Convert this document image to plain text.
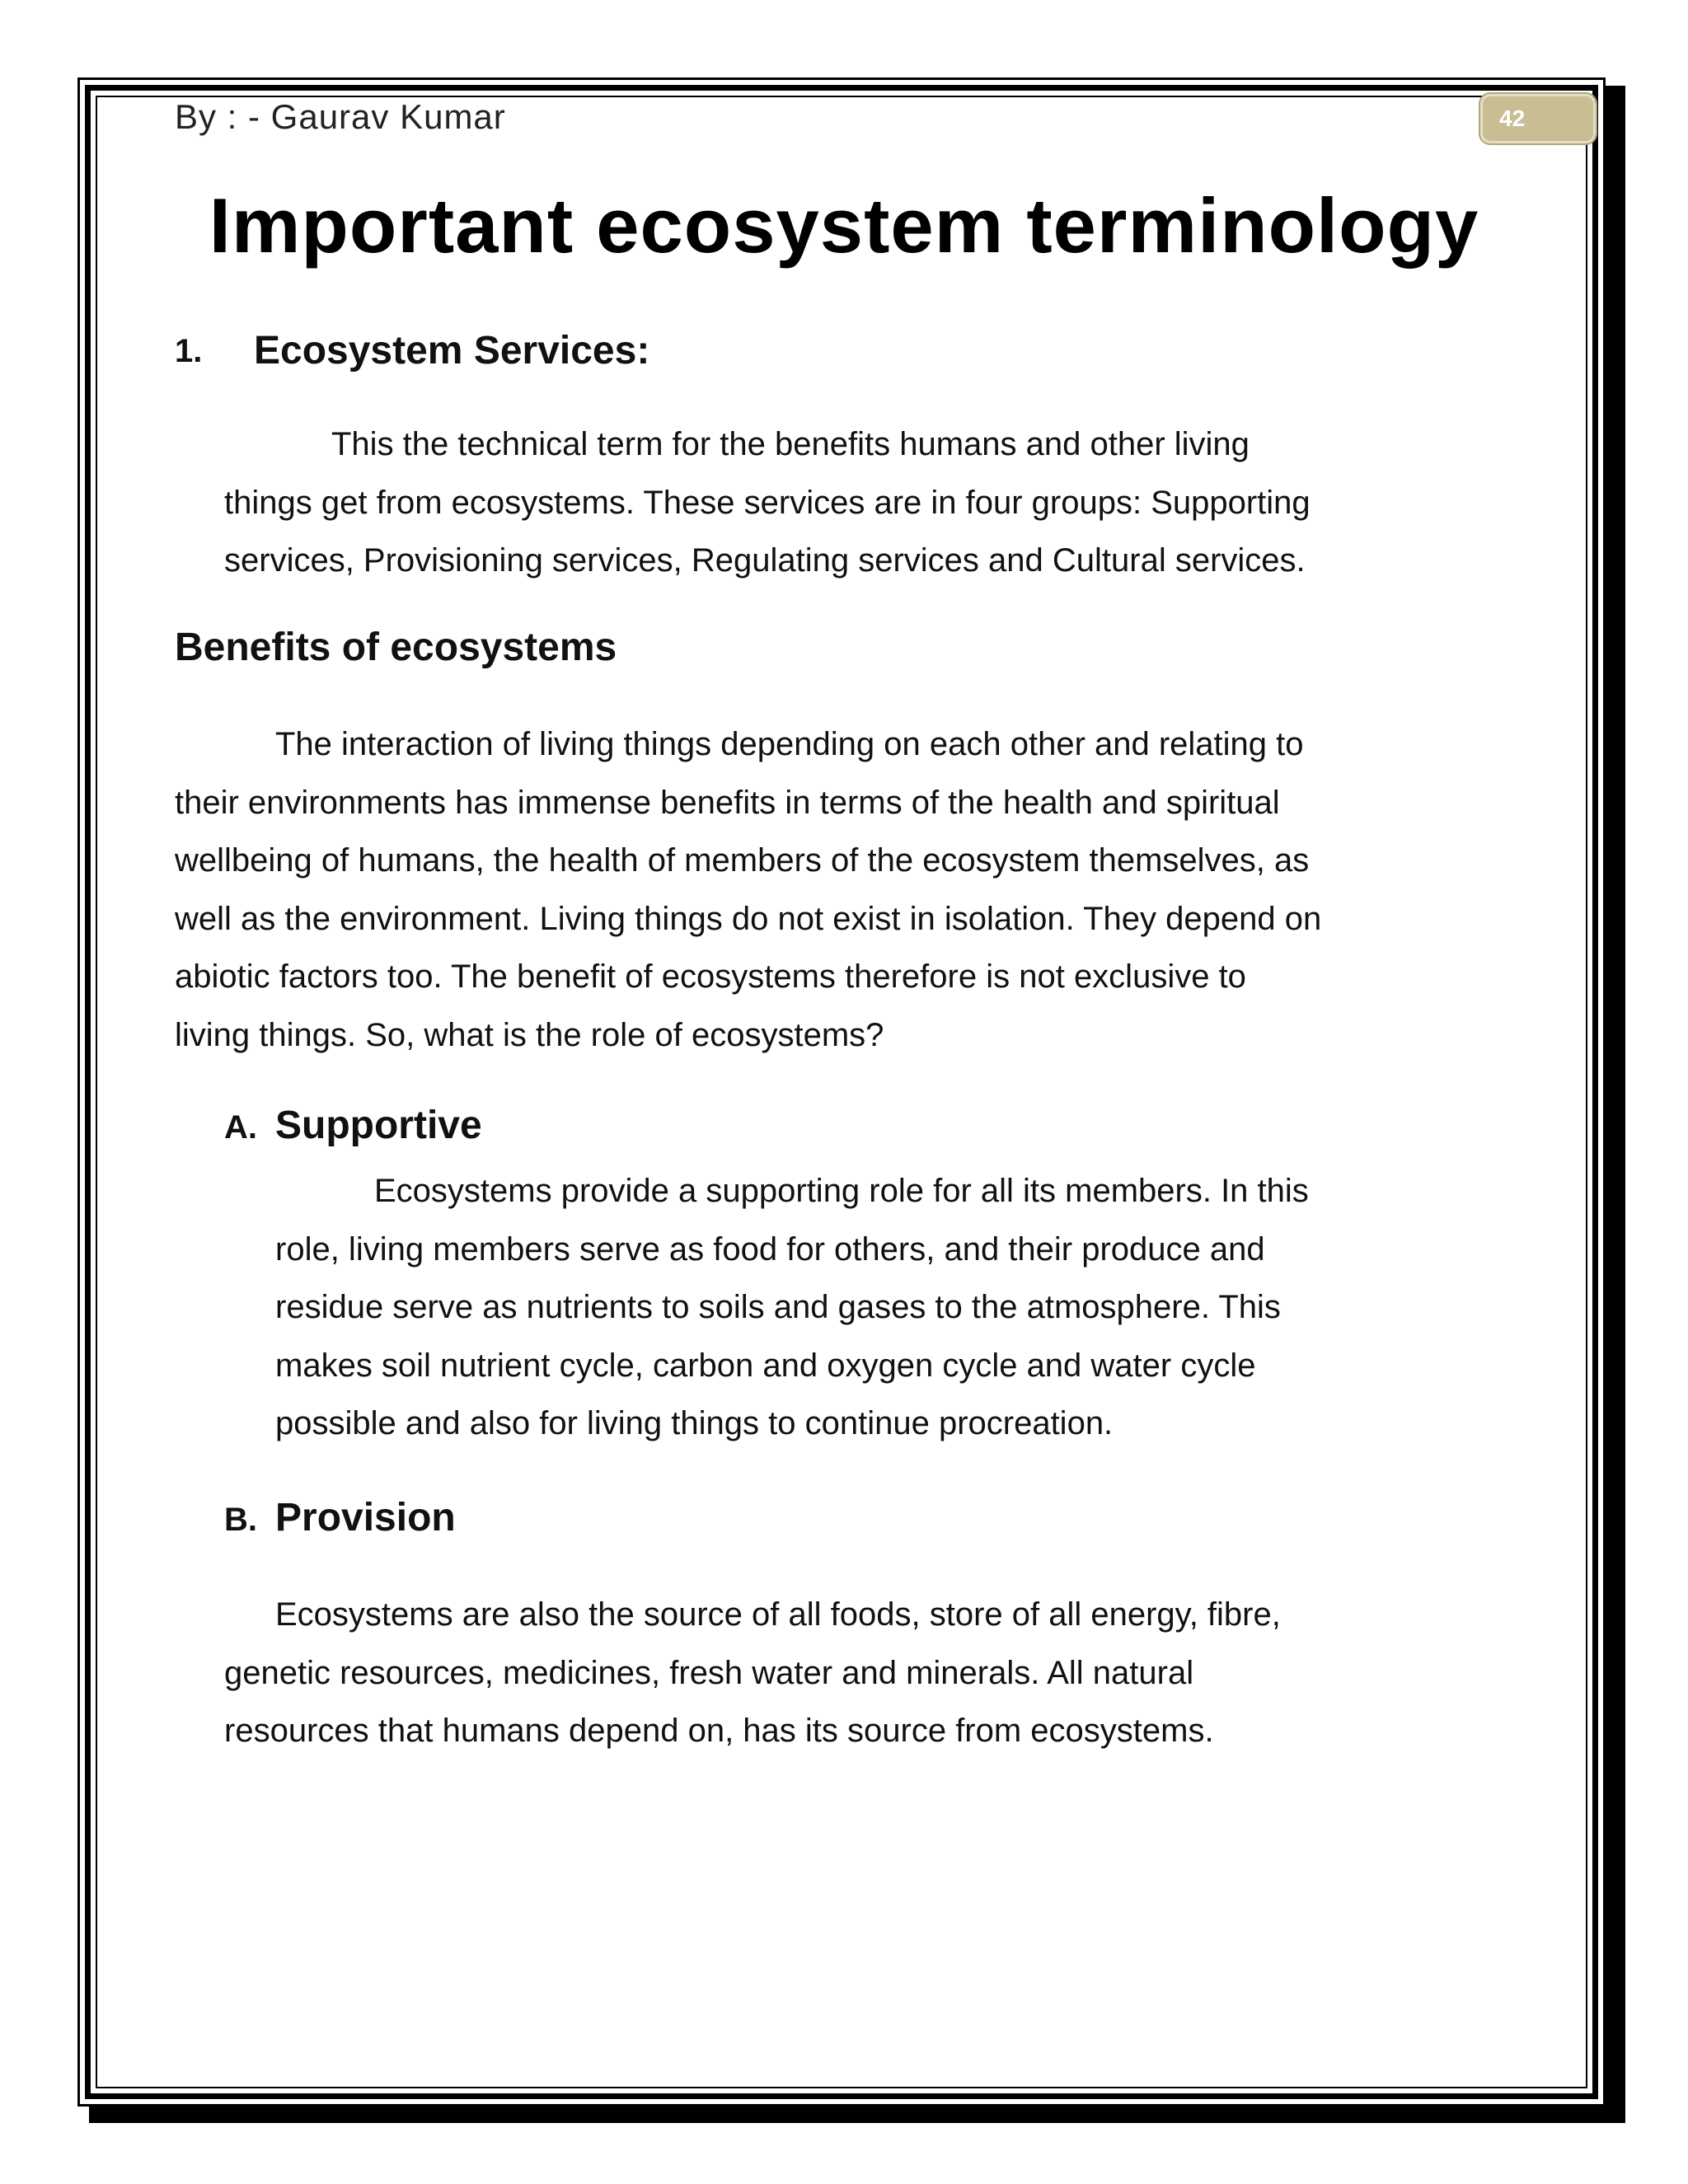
By : - Gaurav Kumar	42
Important ecosystem terminology
1. Ecosystem Services:
This the technical term for the benefits humans and other living
things get from ecosystems. These services are in four groups: Supporting
services, Provisioning services, Regulating services and Cultural services.
Benefits of ecosystems
The interaction of living things depending on each other and relating to
their environments has immense benefits in terms of the health and spiritual
wellbeing of humans, the health of members of the ecosystem themselves, as
well as the environment. Living things do not exist in isolation. They depend on
abiotic factors too. The benefit of ecosystems therefore is not exclusive to
living things. So, what is the role of ecosystems?
A. Supportive
Ecosystems provide a supporting role for all its members. In this
role, living members serve as food for others, and their produce and
residue serve as nutrients to soils and gases to the atmosphere. This
makes soil nutrient cycle, carbon and oxygen cycle and water cycle
possible and also for living things to continue procreation.
B. Provision
Ecosystems are also the source of all foods, store of all energy, fibre,
genetic resources, medicines, fresh water and minerals. All natural
resources that humans depend on, has its source from ecosystems.
